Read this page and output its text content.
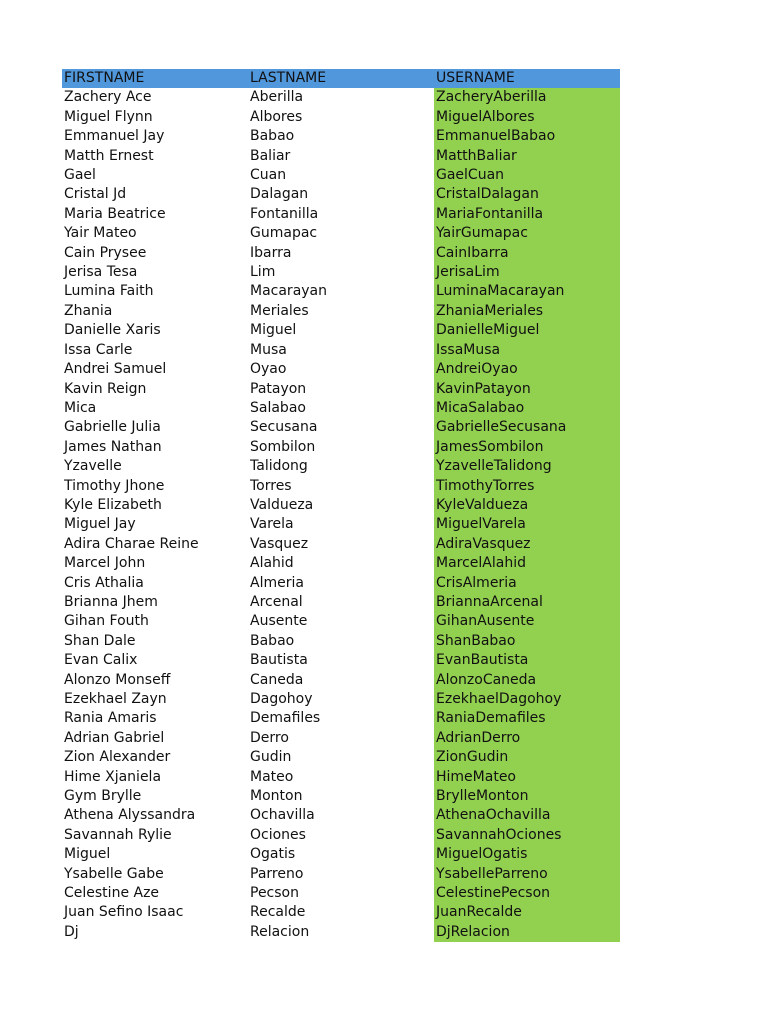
FIRSTNAME	LASTNAME	USERNAME
Zachery Ace	Aberilla	ZacheryAberilla
Miguel Flynn	Albores	MiguelAlbores
Emmanuel Jay	Babao	EmmanuelBabao
Matth Ernest	Baliar	MatthBaliar
Gael	Cuan	GaelCuan
Cristal Jd	Dalagan	CristalDalagan
Maria Beatrice	Fontanilla	MariaFontanilla
Yair Mateo	Gumapac	YairGumapac
Cain Prysee	Ibarra	CainIbarra
Jerisa Tesa	Lim	JerisaLim
Lumina Faith	Macarayan	LuminaMacarayan
Zhania	Meriales	ZhaniaMeriales
Danielle Xaris	Miguel	DanielleMiguel
Issa Carle	Musa	IssaMusa
Andrei Samuel	Oyao	AndreiOyao
Kavin Reign	Patayon	KavinPatayon
Mica	Salabao	MicaSalabao
Gabrielle Julia	Secusana	GabrielleSecusana
James Nathan	Sombilon	JamesSombilon
Yzavelle	Talidong	YzavelleTalidong
Timothy Jhone	Torres	TimothyTorres
Kyle Elizabeth	Valdueza	KyleValdueza
Miguel Jay	Varela	MiguelVarela
Adira Charae Reine	Vasquez	AdiraVasquez
Marcel John	Alahid	MarcelAlahid
Cris Athalia	Almeria	CrisAlmeria
Brianna Jhem	Arcenal	BriannaArcenal
Gihan Fouth	Ausente	GihanAusente
Shan Dale	Babao	ShanBabao
Evan Calix	Bautista	EvanBautista
Alonzo Monseff	Caneda	AlonzoCaneda
Ezekhael Zayn	Dagohoy	EzekhaelDagohoy
Rania Amaris	Demafiles	RaniaDemafiles
Adrian Gabriel	Derro	AdrianDerro
Zion Alexander	Gudin	ZionGudin
Hime Xjaniela	Mateo	HimeMateo
Gym Brylle	Monton	BrylleMonton
Athena Alyssandra	Ochavilla	AthenaOchavilla
Savannah Rylie	Ociones	SavannahOciones
Miguel	Ogatis	MiguelOgatis
Ysabelle Gabe	Parreno	YsabelleParreno
Celestine Aze	Pecson	CelestinePecson
Juan Sefino Isaac	Recalde	JuanRecalde
Dj	Relacion	DjRelacion
